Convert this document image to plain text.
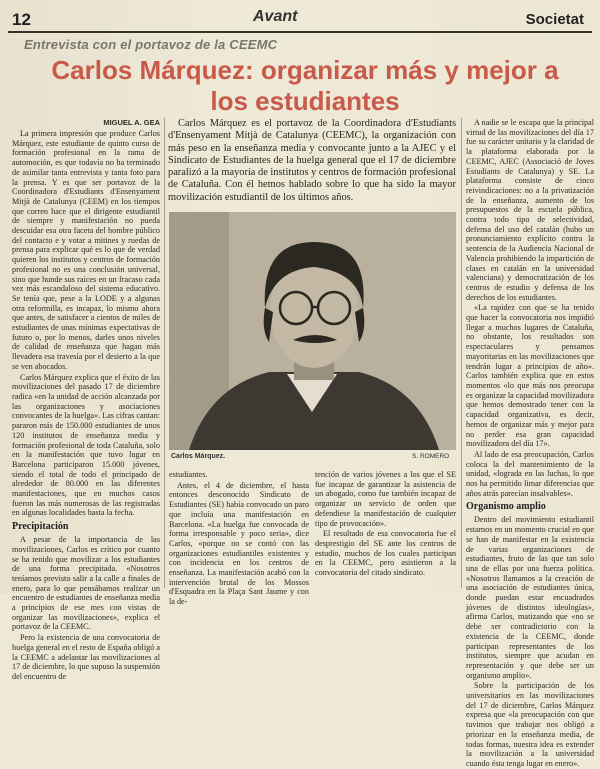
12	Avant	Societat
Entrevista con el portavoz de la CEEMC
Carlos Márquez: organizar más y mejor a los estudiantes
MIGUEL A. GEA

La primera impresión que produce Carlos Márquez, este estudiante de quinto curso de formación profesional en la rama de automoción, es que todavía no ha terminado de asimilar tanta entrevista y tanta foto para la prensa. Y es que ser portavoz de la Coordinadora d'Estudiants d'Ensenyament Mitjà de Catalunya (CEEM) en los tiempos que corren hace que el dirigente estudiantil de siempre y manifestación no pueda descuidar esa otra faceta del hombre público del contacto e y votar a mitines y ruedas de prensa para explicar qué es lo que de verdad quieren los institutos y centros de formación profesional no es una conclusión universal, sino que hunde sus raíces en un fracaso cada vez más escandaloso del sistema educativo. Se tenía que, pese a la LODE y a algunas otra reformilla, es incapaz, lo mismo ahora que antes, de satisfacer a cientos de miles de estudiantes de unas mínimas expectativas de futuro o, por lo menos, darles unos niveles de calidad de enseñanza que hagan más llevadera esa travesía por el desierto a la que se ven abocados.

Carlos Márquez explica que el éxito de las movilizaciones del pasado 17 de diciembre radica «en la unidad de acción alcanzada por las organizaciones y asociaciones convocantes de la huelga». Las cifras cantan: pararon más de 150.000 estudiantes de unos 120 institutos de enseñanza media y formación profesional de toda Cataluña, solo en la manifestación que tuvo lugar en Barcelona participaron 15.000 jóvenes, siendo el total de todo el principado de alrededor de 80.000 en las diferentes manifestaciones, que en muchos casos fueron las más numerosas de las registradas en algunas localidades hasta la fecha.

Precipitación

A pesar de la importancia de las movilizaciones, Carlos es crítico por cuanto se ha tenido que movilizar a los estudiantes de una forma precipitada. «Nosotros teníamos previsto salir a la calle a finales de enero, para lo que pensábamos realizar un encuentro de estudiantes de enseñanza media a principios de ese mes con vistas de organizar las movilizaciones», explica el portavoz de la CEEMC.

Pero la existencia de una convocatoria de huelga general en el resto de España obligó a la CEEMC a adelantar las movilizaciones al 17 de diciembre, lo que supuso la suspensión del encuentro de

Carlos Márquez es el portavoz de la Coordinadora d'Estudiants d'Ensenyament Mitjà de Catalunya (CEEMC), la organización con más peso en la enseñanza media y convocante junto a la AJEC y el Sindicato de Estudiantes de la huelga general que el 17 de diciembre paralizó a la mayoría de institutos y centros de formación profesional de Cataluña. Con él hemos hablado sobre lo que ha sido la mayor movilización estudiantil de los últimos años.

Carlos Márquez.	S. ROMERO

estudiantes.

Antes, el 4 de diciembre, el hasta entonces desconocido Sindicato de Estudiantes (SE) había convocado un paro que incluía una manifestación en Barcelona. «La huelga fue convocada de forma irresponsable y poco seria», dice Carlos, «porque no se contó con las organizaciones estudiantiles existentes y con incidencia en los centros de enseñanza. La manifestación acabó con la intervención brutal de los Mossos d'Esquadra en la Plaça Sant Jaume y con la de-

tención de varios jóvenes a los que el SE fue incapaz de garantizar la asistencia de un abogado, como fue también incapaz de organizar un servicio de orden que defendiese la manifestación de cualquier tipo de provocación».

El resultado de esa convocatoria fue el desprestigio del SE ante los centros de estudio, muchos de los cuales participan en la CEEMC, pero asistieron a la convocatoria del citado sindicato.

A nadie se le escapa que la principal virtud de las movilizaciones del día 17 fue su carácter unitario y la claridad de la plataforma elaborada por la CEEMC, AJEC (Associació de Joves Estudiants de Catalunya) y SE. La plataforma consiste de cinco reivindicaciones: no a la privatización de la enseñanza, aumento de los presupuestos de la escuela pública, contra todo tipo de selectividad, defensa del uso del catalán (hubo un pronunciamiento explícito contra la sentencia de la Audiencia Nacional de Valencia prohibiendo la impartición de clases en catalán en la universidad valenciana) y democratización de los centros de estudio y defensa de los derechos de los estudiantes.

«La rapidez con que se ha tenido que hacer la convocatoria nos impidió llegar a muchos lugares de Cataluña, no obstante, los resultados son espectaculares y pensamos mayoritarias en las movilizaciones que tendrán lugar a principios de año». Carlos también explica que en estos momentos «lo que más nos preocupa es organizar la capacidad movilizadora que hemos demostrado tener con la capacidad organizativa, es decir, hemos de organizar más y mejor para no perder esa gran capacidad movilizadora del día 17».

Al lado de esa preocupación, Carlos coloca la del mantenimiento de la unidad, «lograda en las luchas, lo que nos ha permitido limar diferencias que años atrás parecían insalvables».

Organismo amplio

Dentro del movimiento estudiantil estamos en un momento crucial en que se han de manifestar en la existencia de varias organizaciones de estudiantes, fruto de las que tan solo una de ellas por una fuerza política. «Nosotros llamamos a la creación de una asociación de estudiantes única, donde puedan estar encuadrados jóvenes de distintos ideologías», afirma Carlos, matizando que «no se debe ser contradictorio con la existencia de la CEEMC, donde participan representantes de los institutos, siempre que acudan en representación y que debe ser un organismo amplio».

Sobre la participación de los universitarios en las movilizaciones del 17 de diciembre, Carlos Márquez expresa que «la preocupación con que tuvimos que trabajar nos obligó a priorizar en la enseñanza media, de todas formas, nuestra idea es extender la movilización a la universidad cuando ésta tenga lugar en enero».
